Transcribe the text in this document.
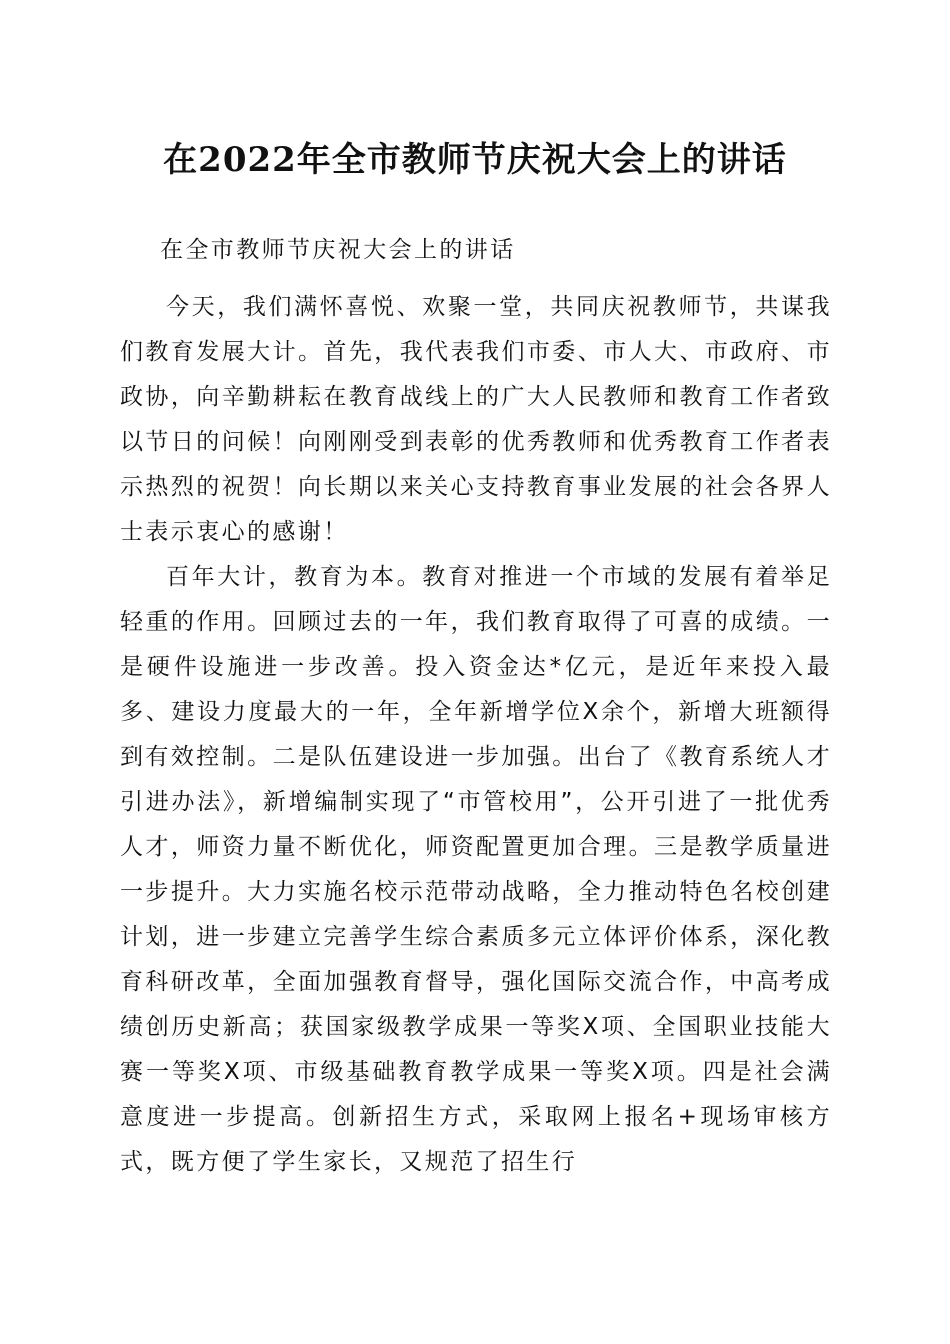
在2022年全市教师节庆祝大会上的讲话

在全市教师节庆祝大会上的讲话

今天，我们满怀喜悦、欢聚一堂，共同庆祝教师节，共谋我们教育发展大计。首先，我代表我们市委、市人大、市政府、市政协，向辛勤耕耘在教育战线上的广大人民教师和教育工作者致以节日的问候！向刚刚受到表彰的优秀教师和优秀教育工作者表示热烈的祝贺！向长期以来关心支持教育事业发展的社会各界人士表示衷心的感谢！

百年大计，教育为本。教育对推进一个市域的发展有着举足轻重的作用。回顾过去的一年，我们教育取得了可喜的成绩。一是硬件设施进一步改善。投入资金达*亿元，是近年来投入最多、建设力度最大的一年，全年新增学位X余个，新增大班额得到有效控制。二是队伍建设进一步加强。出台了《教育系统人才引进办法》，新增编制实现了“市管校用”，公开引进了一批优秀人才，师资力量不断优化，师资配置更加合理。三是教学质量进一步提升。大力实施名校示范带动战略，全力推动特色名校创建计划，进一步建立完善学生综合素质多元立体评价体系，深化教育科研改革，全面加强教育督导，强化国际交流合作，中高考成绩创历史新高；获国家级教学成果一等奖X项、全国职业技能大赛一等奖X项、市级基础教育教学成果一等奖X项。四是社会满意度进一步提高。创新招生方式，采取网上报名+现场审核方式，既方便了学生家长，又规范了招生行
